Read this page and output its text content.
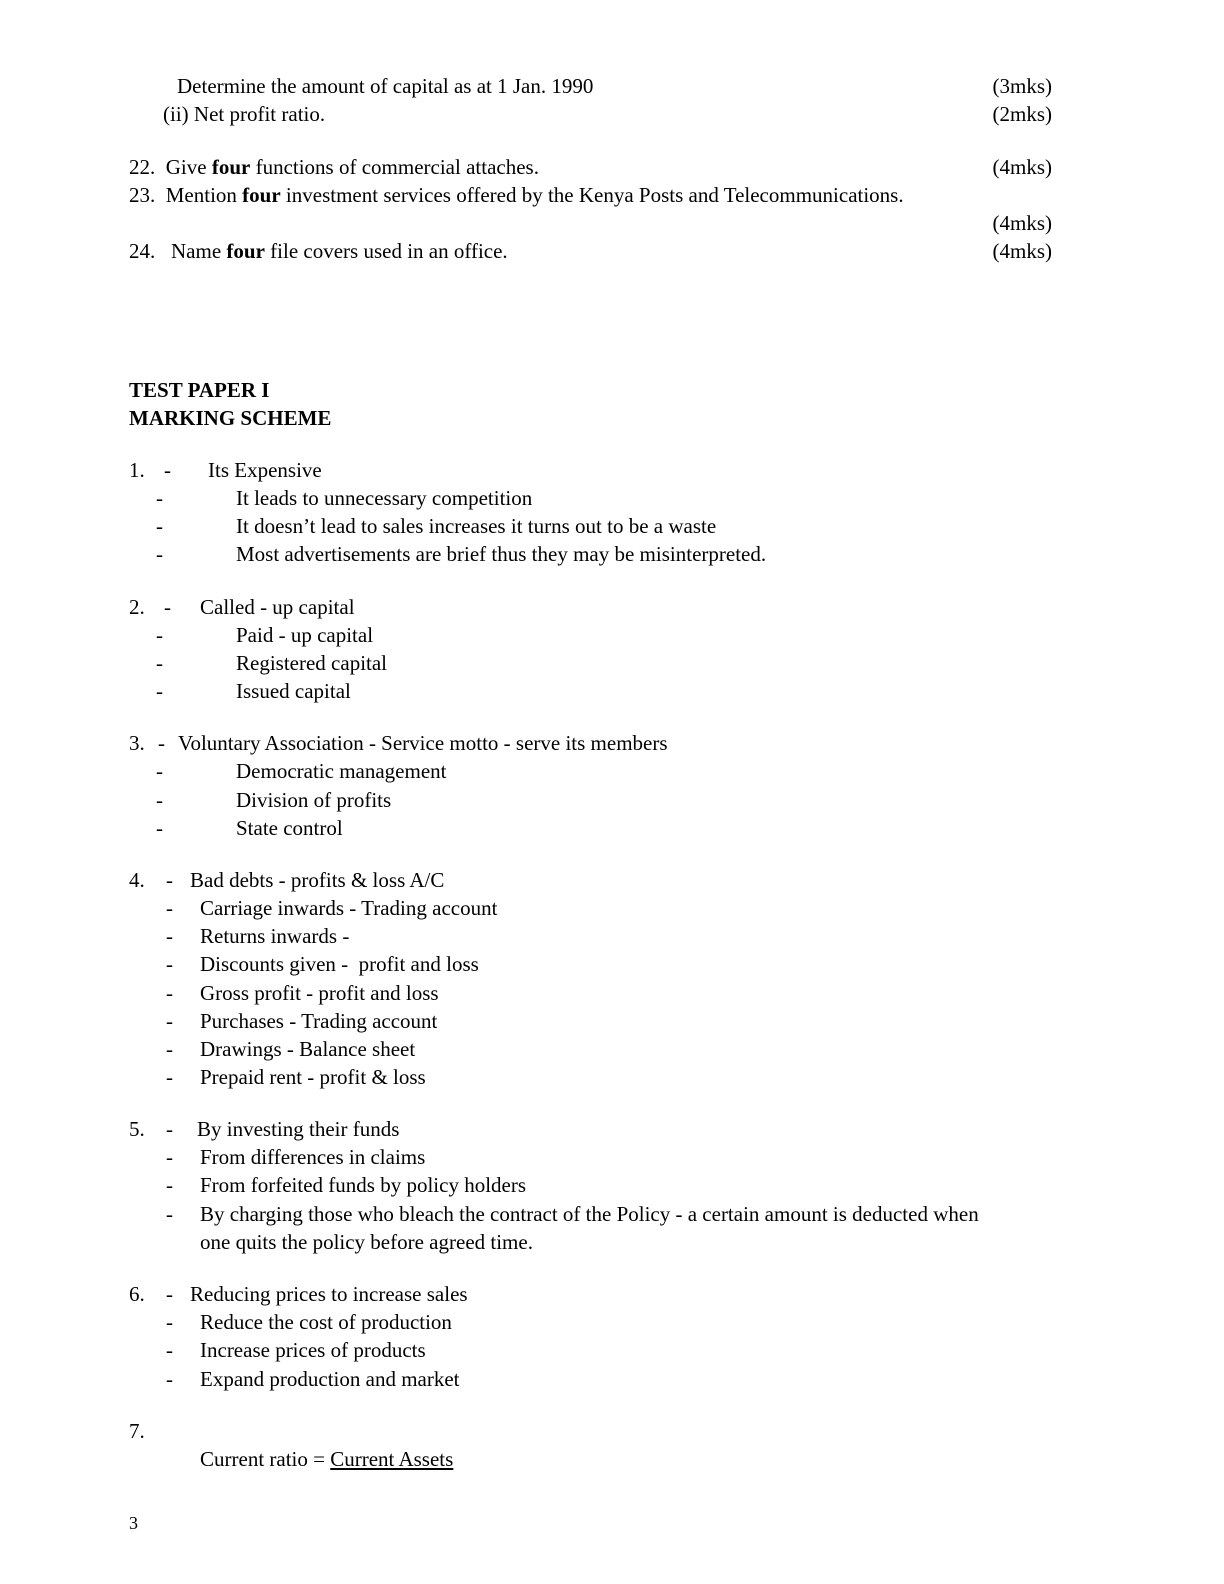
Determine the amount of capital as at 1 Jan. 1990	(3mks)
(ii) Net profit ratio.	(2mks)
22. Give four functions of commercial attaches.	(4mks)
23. Mention four investment services offered by the Kenya Posts and Telecommunications.
(4mks)
24. Name four file covers used in an office.	(4mks)
TEST PAPER I
MARKING SCHEME
1. - Its Expensive
-	It leads to unnecessary competition
-	It doesn’t lead to sales increases it turns out to be a waste
-	Most advertisements are brief thus they may be misinterpreted.
2. - Called - up capital
-	Paid - up capital
-	Registered capital
-	Issued capital
3. - Voluntary Association - Service motto - serve its members
-	Democratic management
-	Division of profits
-	State control
4. - Bad debts - profits & loss A/C
- Carriage inwards - Trading account
- Returns inwards -
- Discounts given -  profit and loss
- Gross profit - profit and loss
- Purchases - Trading account
- Drawings - Balance sheet
- Prepaid rent - profit & loss
5. - By investing their funds
- From differences in claims
- From forfeited funds by policy holders
- By charging those who bleach the contract of the Policy - a certain amount is deducted when
one quits the policy before agreed time.
6. - Reducing prices to increase sales
- Reduce the cost of production
- Increase prices of products
- Expand production and market
7.
Current ratio = Current Assets
3
